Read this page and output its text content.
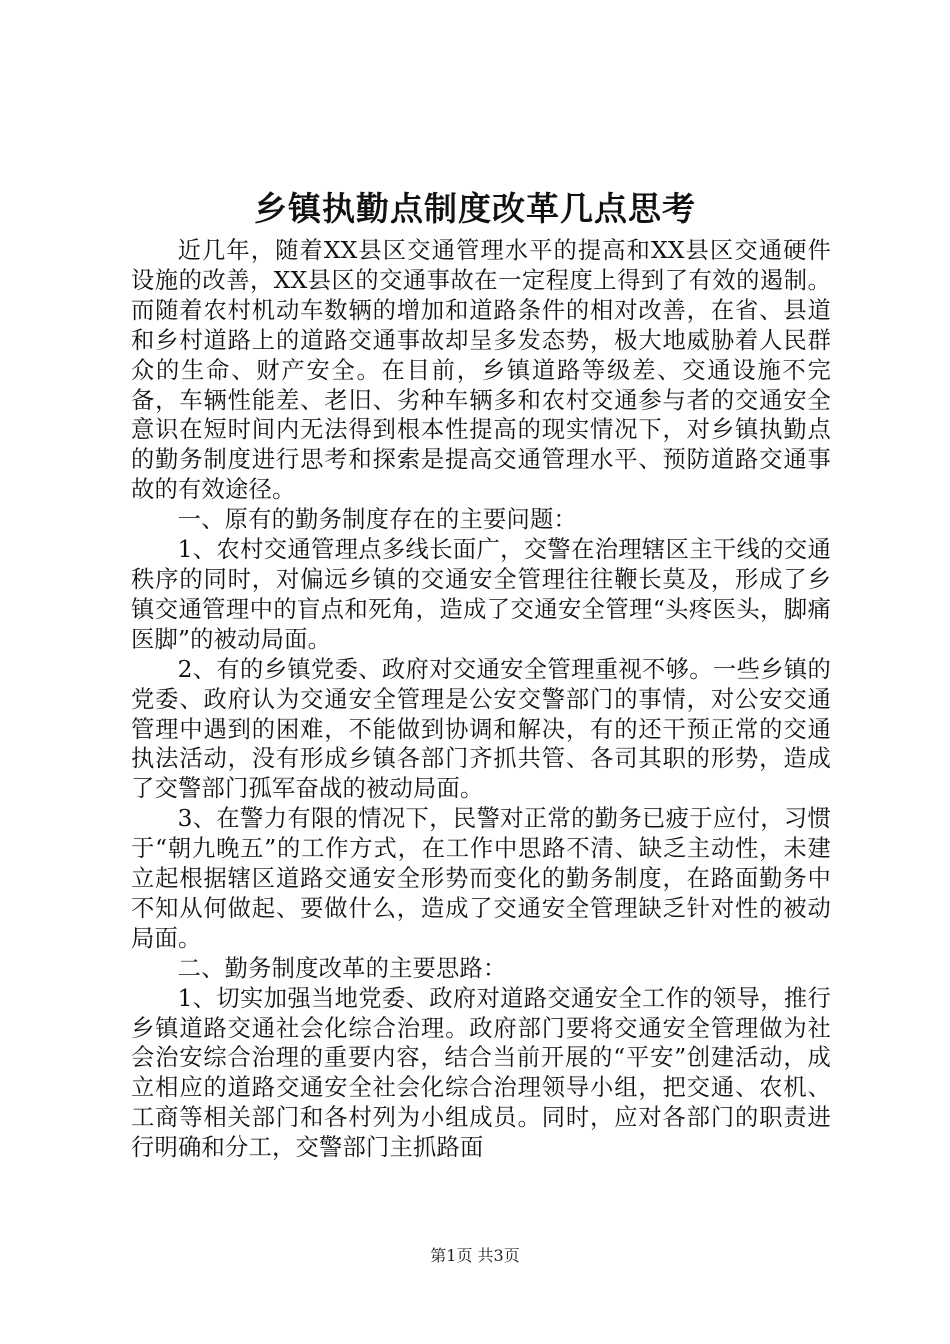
乡镇执勤点制度改革几点思考

近几年，随着XX县区交通管理水平的提高和XX县区交通硬件设施的改善，XX县区的交通事故在一定程度上得到了有效的遏制。而随着农村机动车数辆的增加和道路条件的相对改善，在省、县道和乡村道路上的道路交通事故却呈多发态势，极大地威胁着人民群众的生命、财产安全。在目前，乡镇道路等级差、交通设施不完备，车辆性能差、老旧、劣种车辆多和农村交通参与者的交通安全意识在短时间内无法得到根本性提高的现实情况下，对乡镇执勤点的勤务制度进行思考和探索是提高交通管理水平、预防道路交通事故的有效途径。

一、原有的勤务制度存在的主要问题：

1、农村交通管理点多线长面广，交警在治理辖区主干线的交通秩序的同时，对偏远乡镇的交通安全管理往往鞭长莫及，形成了乡镇交通管理中的盲点和死角，造成了交通安全管理“头疼医头，脚痛医脚”的被动局面。

2、有的乡镇党委、政府对交通安全管理重视不够。一些乡镇的党委、政府认为交通安全管理是公安交警部门的事情，对公安交通管理中遇到的困难，不能做到协调和解决，有的还干预正常的交通执法活动，没有形成乡镇各部门齐抓共管、各司其职的形势，造成了交警部门孤军奋战的被动局面。

3、在警力有限的情况下，民警对正常的勤务已疲于应付，习惯于“朝九晚五”的工作方式，在工作中思路不清、缺乏主动性，未建立起根据辖区道路交通安全形势而变化的勤务制度，在路面勤务中不知从何做起、要做什么，造成了交通安全管理缺乏针对性的被动局面。

二、勤务制度改革的主要思路：

1、切实加强当地党委、政府对道路交通安全工作的领导，推行乡镇道路交通社会化综合治理。政府部门要将交通安全管理做为社会治安综合治理的重要内容，结合当前开展的“平安”创建活动，成立相应的道路交通安全社会化综合治理领导小组，把交通、农机、工商等相关部门和各村列为小组成员。同时，应对各部门的职责进行明确和分工，交警部门主抓路面

第1页 共3页
